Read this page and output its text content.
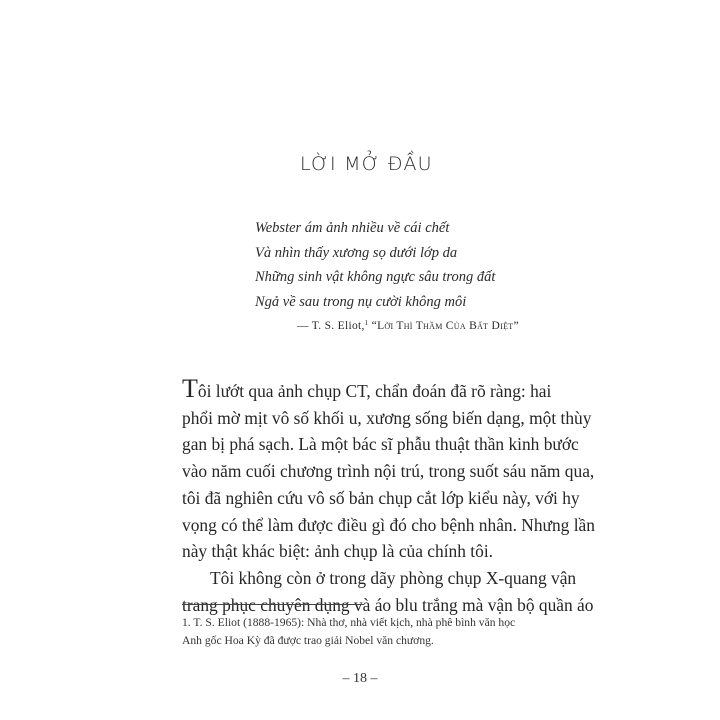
LỜI MỞ ĐẦU
Webster ám ảnh nhiều về cái chết
Và nhìn thấy xương sọ dưới lớp da
Những sinh vật không ngực sâu trong đất
Ngả về sau trong nụ cười không môi
— T. S. Eliot,$^1$ “Lời Thì Thầm Của Bất Diệt”

Tôi lướt qua ảnh chụp CT, chẩn đoán đã rõ ràng: hai
phổi mờ mịt vô số khối u, xương sống biến dạng, một thùy
gan bị phá sạch. Là một bác sĩ phẫu thuật thần kinh bước
vào năm cuối chương trình nội trú, trong suốt sáu năm qua,
tôi đã nghiên cứu vô số bản chụp cắt lớp kiểu này, với hy
vọng có thể làm được điều gì đó cho bệnh nhân. Nhưng lần
này thật khác biệt: ảnh chụp là của chính tôi.

Tôi không còn ở trong dãy phòng chụp X-quang vận
trang phục chuyên dụng và áo blu trắng mà vận bộ quần áo

1. T. S. Eliot (1888-1965): Nhà thơ, nhà viết kịch, nhà phê bình văn học
Anh gốc Hoa Kỳ đã được trao giải Nobel văn chương.
– 18 –
